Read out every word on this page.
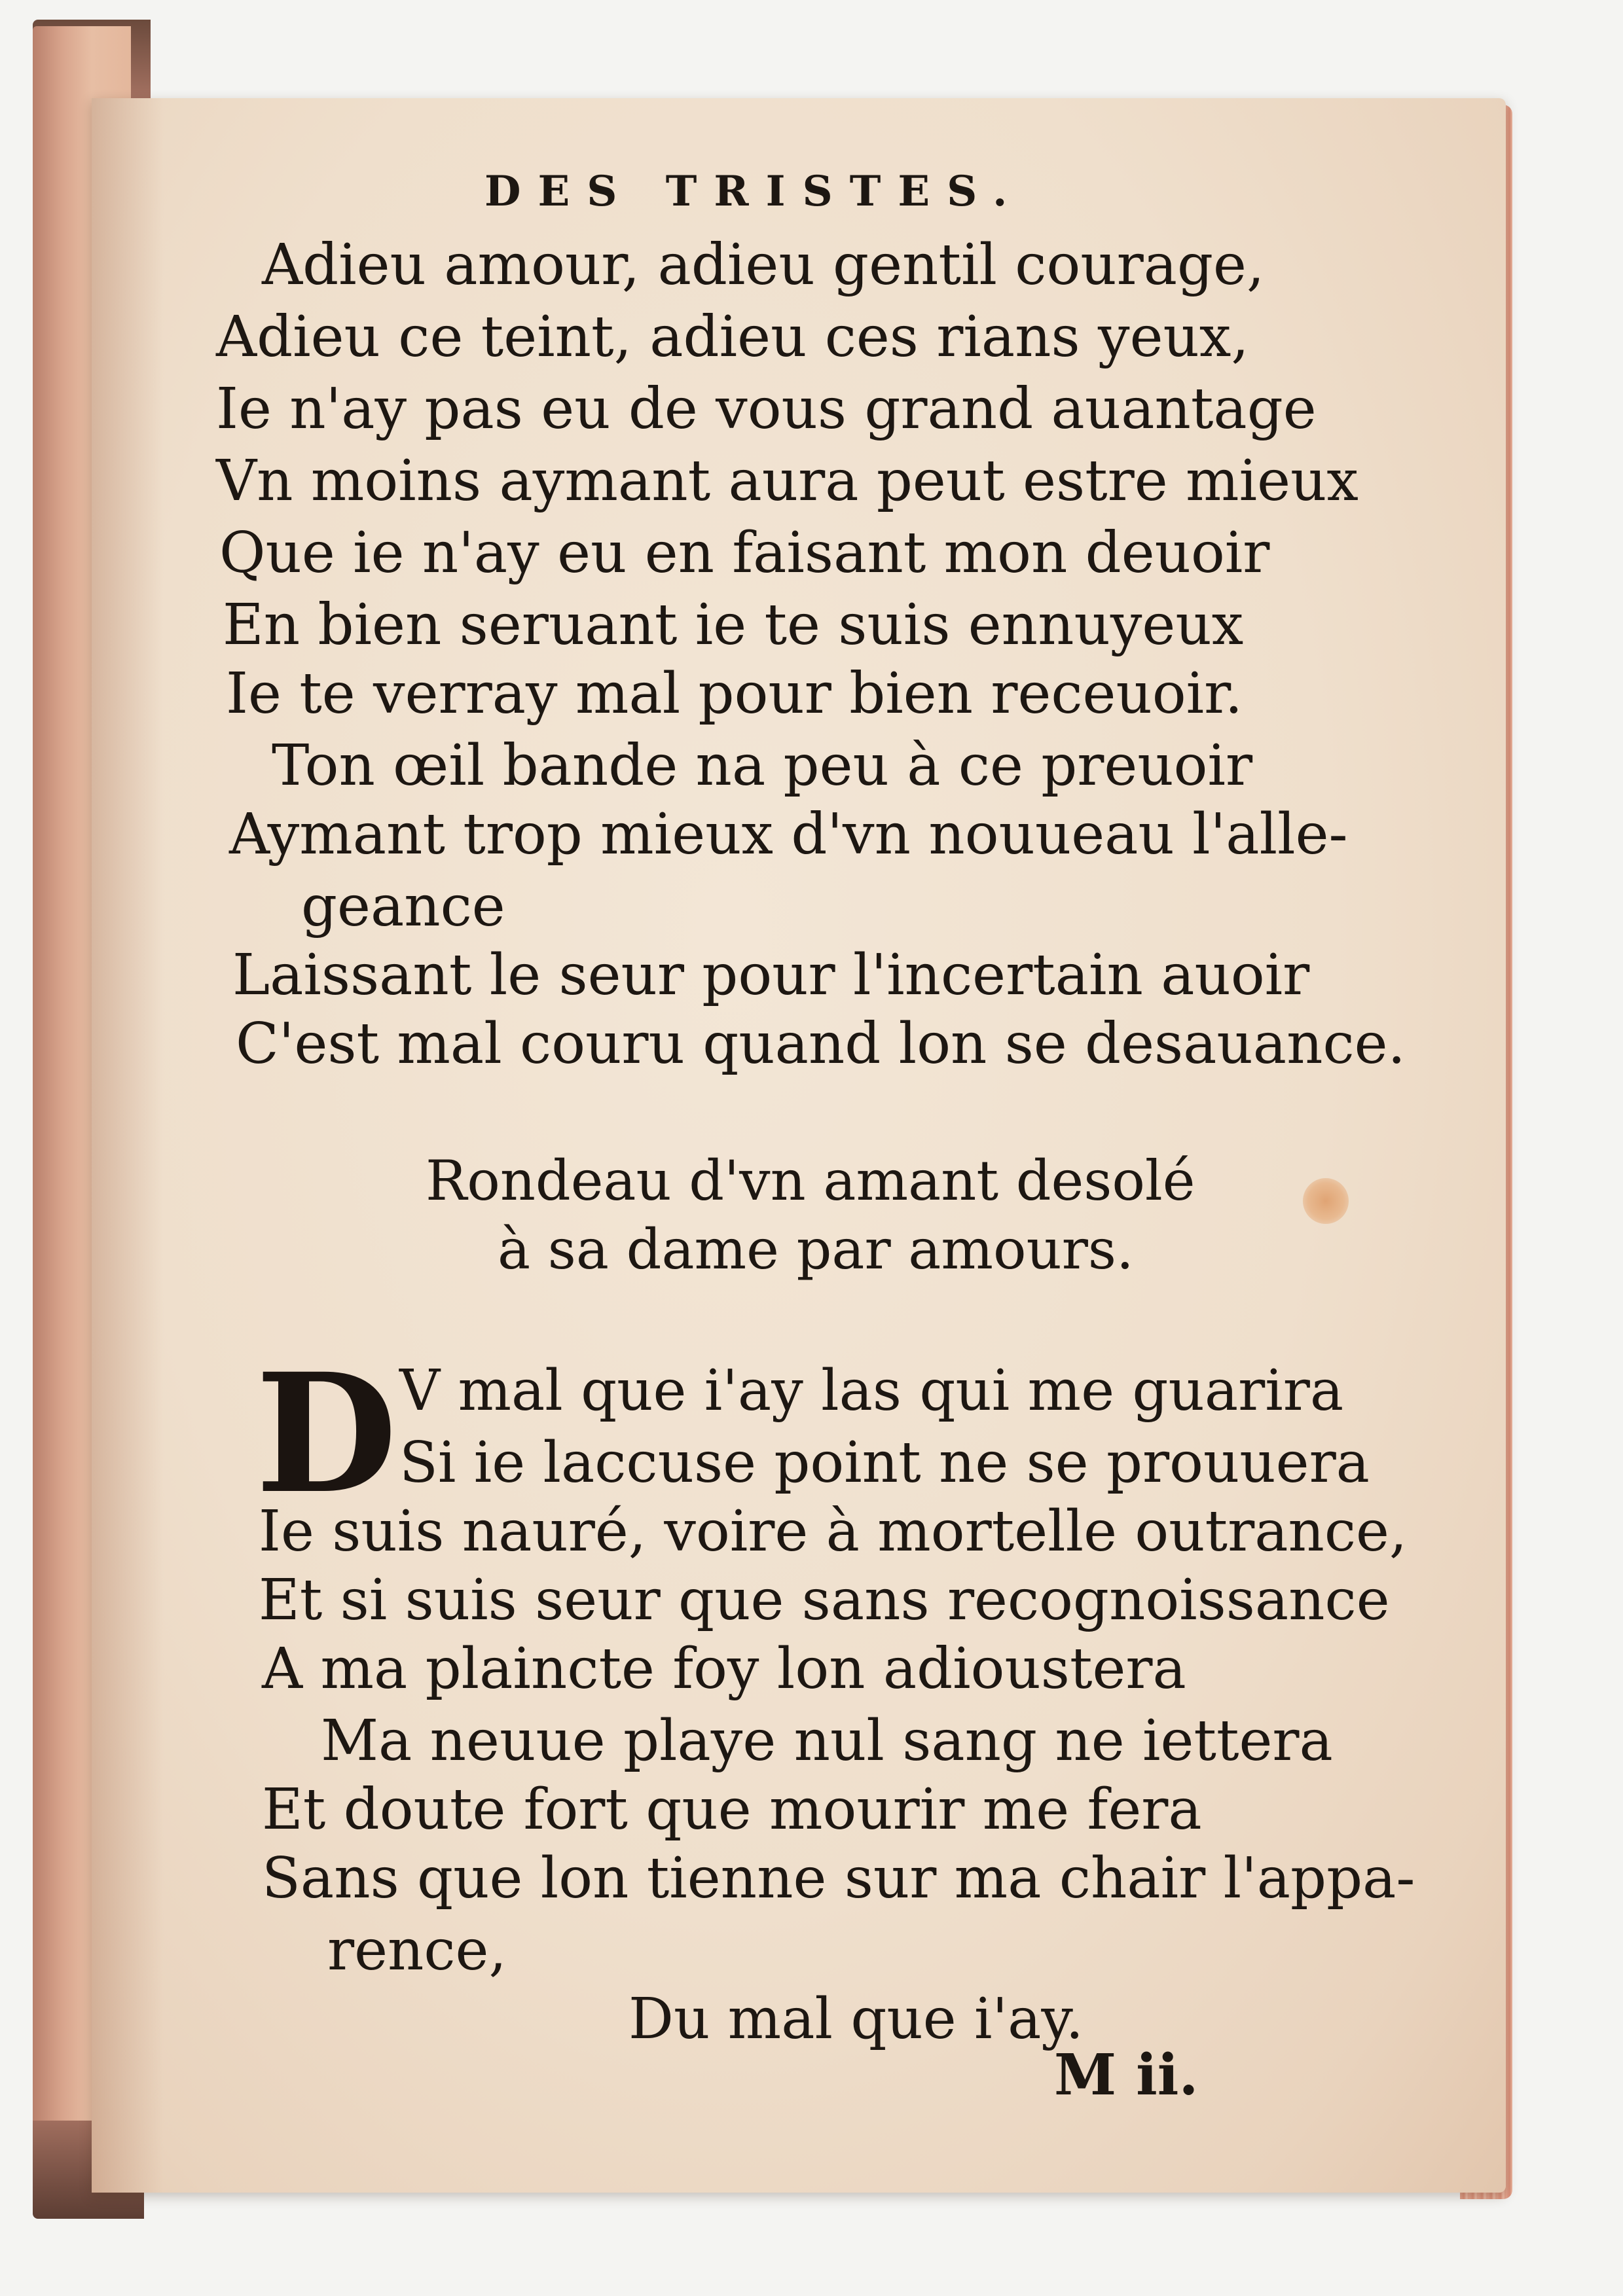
DES TRISTES.
Adieu amour, adieu gentil courage,
Adieu ce teint, adieu ces rians yeux,
Ie n'ay pas eu de vous grand auantage
Vn moins aymant aura peut estre mieux
Que ie n'ay eu en faisant mon deuoir
En bien seruant ie te suis ennuyeux
Ie te verray mal pour bien receuoir.
Ton œil bande na peu à ce preuoir
Aymant trop mieux d'vn nouueau l'alle-
geance
Laissant le seur pour l'incertain auoir
C'est mal couru quand lon se desauance.
Rondeau d'vn amant desolé
à sa dame par amours.
D V mal que i'ay las qui me guarira
Si ie laccuse point ne se prouuera
Ie suis nauré, voire à mortelle outrance,
Et si suis seur que sans recognoissance
A ma plaincte foy lon adioustera
Ma neuue playe nul sang ne iettera
Et doute fort que mourir me fera
Sans que lon tienne sur ma chair l'appa-
rence,
Du mal que i'ay.
M ii.
